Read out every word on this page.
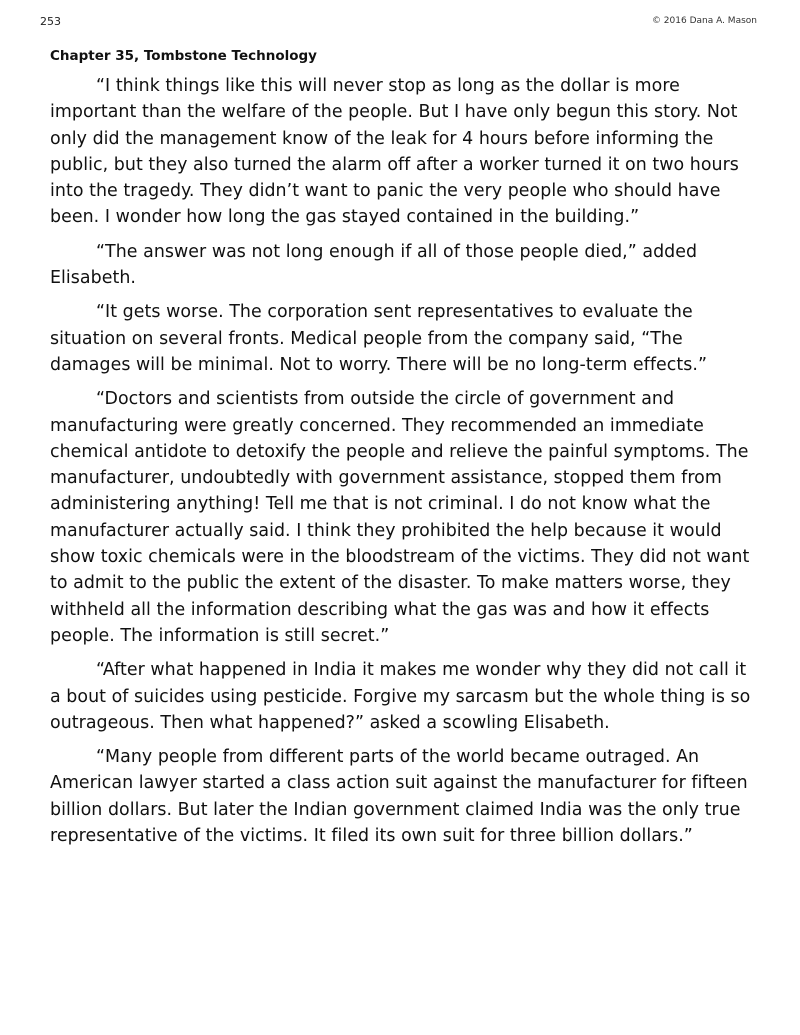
253	© 2016 Dana A. Mason
Chapter 35, Tombstone Technology

“I think things like this will never stop as long as the dollar is more important than the welfare of the people. But I have only begun this story. Not only did the management know of the leak for 4 hours before informing the public, but they also turned the alarm off after a worker turned it on two hours into the tragedy. They didn’t want to panic the very people who should have been. I wonder how long the gas stayed contained in the building.”

“The answer was not long enough if all of those people died,” added Elisabeth.

“It gets worse. The corporation sent representatives to evaluate the situation on several fronts. Medical people from the company said, “The damages will be minimal. Not to worry. There will be no long-term effects.”

“Doctors and scientists from outside the circle of government and manufacturing were greatly concerned. They recommended an immediate chemical antidote to detoxify the people and relieve the painful symptoms. The manufacturer, undoubtedly with government assistance, stopped them from administering anything! Tell me that is not criminal. I do not know what the manufacturer actually said. I think they prohibited the help because it would show toxic chemicals were in the bloodstream of the victims. They did not want to admit to the public the extent of the disaster. To make matters worse, they withheld all the information describing what the gas was and how it effects people. The information is still secret.”

“After what happened in India it makes me wonder why they did not call it a bout of suicides using pesticide. Forgive my sarcasm but the whole thing is so outrageous. Then what happened?” asked a scowling Elisabeth.

“Many people from different parts of the world became outraged. An American lawyer started a class action suit against the manufacturer for fifteen billion dollars. But later the Indian government claimed India was the only true representative of the victims. It filed its own suit for three billion dollars.”
